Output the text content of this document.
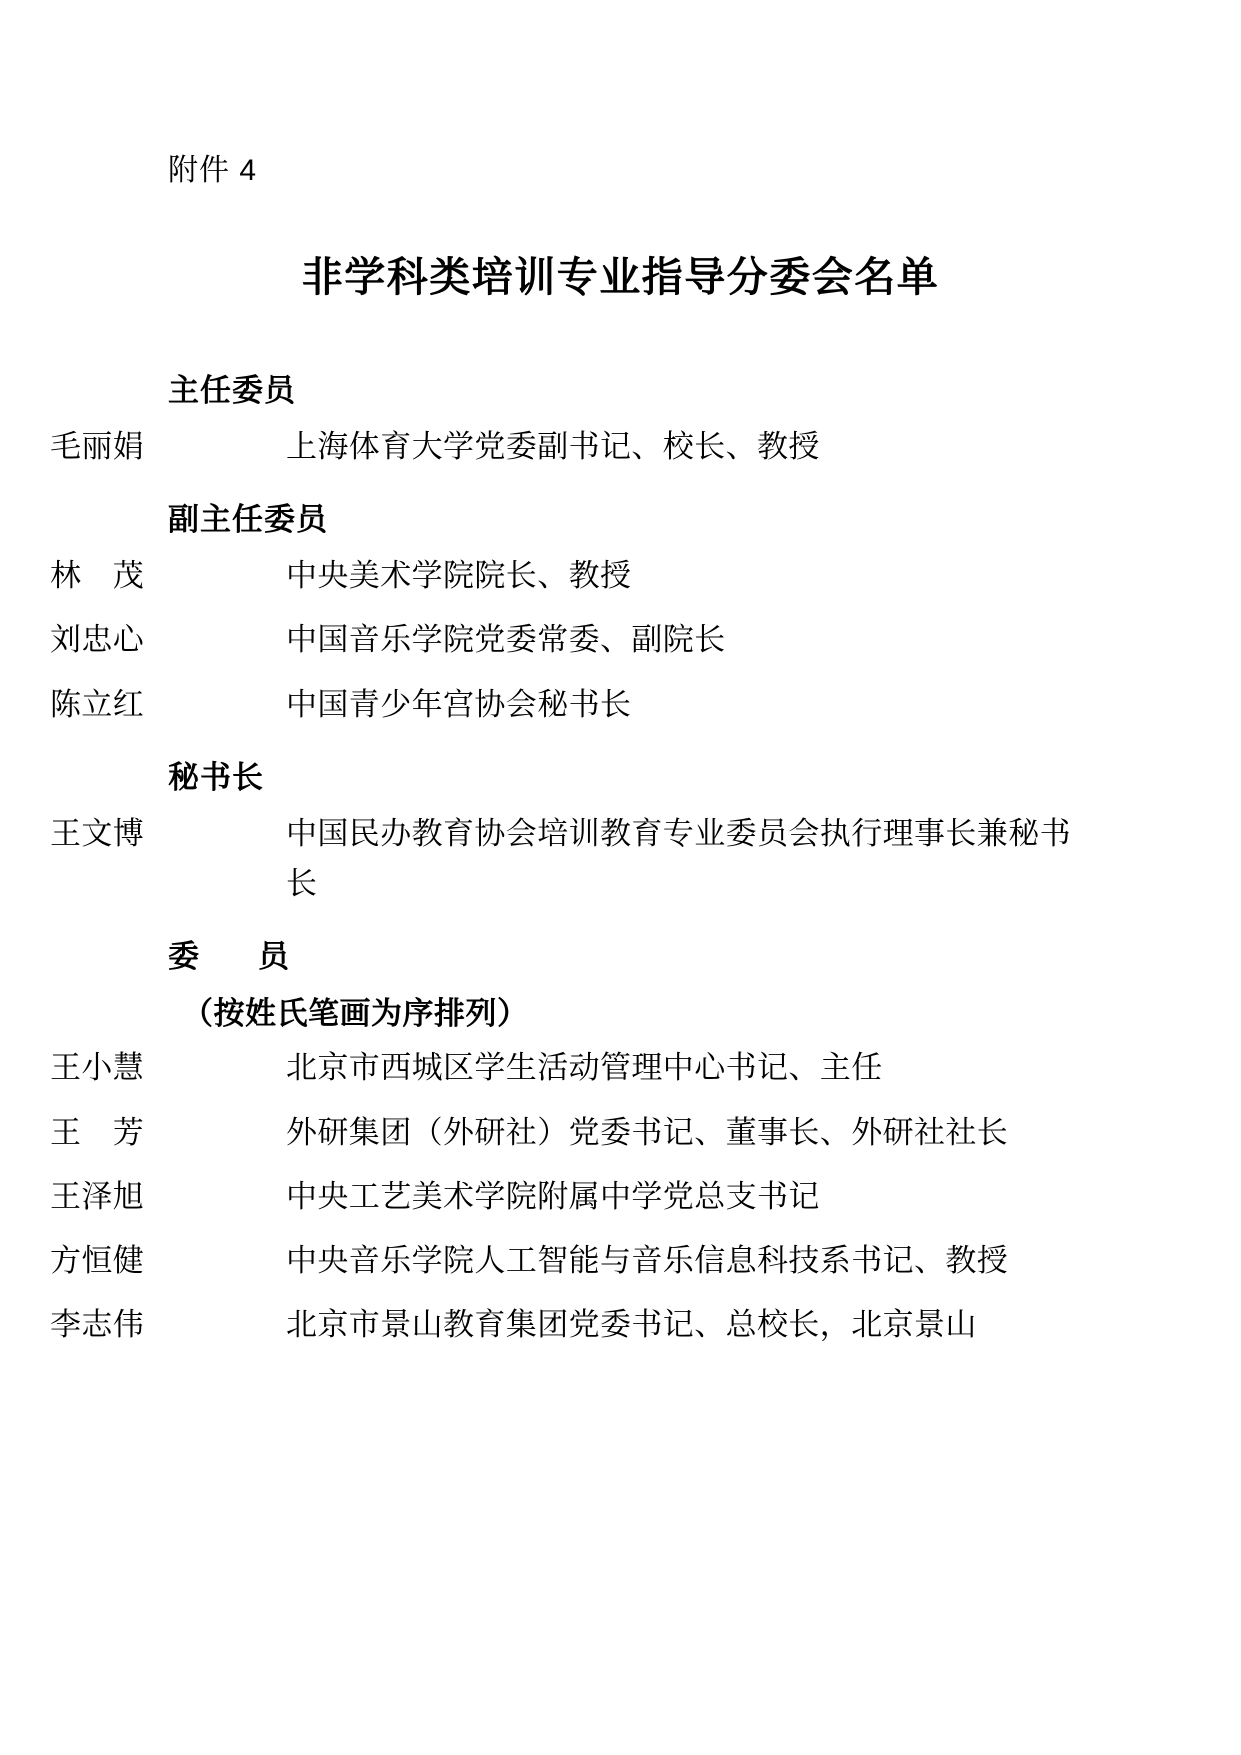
附件 4
非学科类培训专业指导分委会名单
主任委员
毛丽娟	上海体育大学党委副书记、校长、教授
副主任委员
林　茂	中央美术学院院长、教授
刘忠心	中国音乐学院党委常委、副院长
陈立红	中国青少年宫协会秘书长
秘书长
王文博	中国民办教育协会培训教育专业委员会执行理事长兼秘书长
委　员
（按姓氏笔画为序排列）
王小慧	北京市西城区学生活动管理中心书记、主任
王　芳	外研集团（外研社）党委书记、董事长、外研社社长
王泽旭	中央工艺美术学院附属中学党总支书记
方恒健	中央音乐学院人工智能与音乐信息科技系书记、教授
李志伟	北京市景山教育集团党委书记、总校长，北京景山
